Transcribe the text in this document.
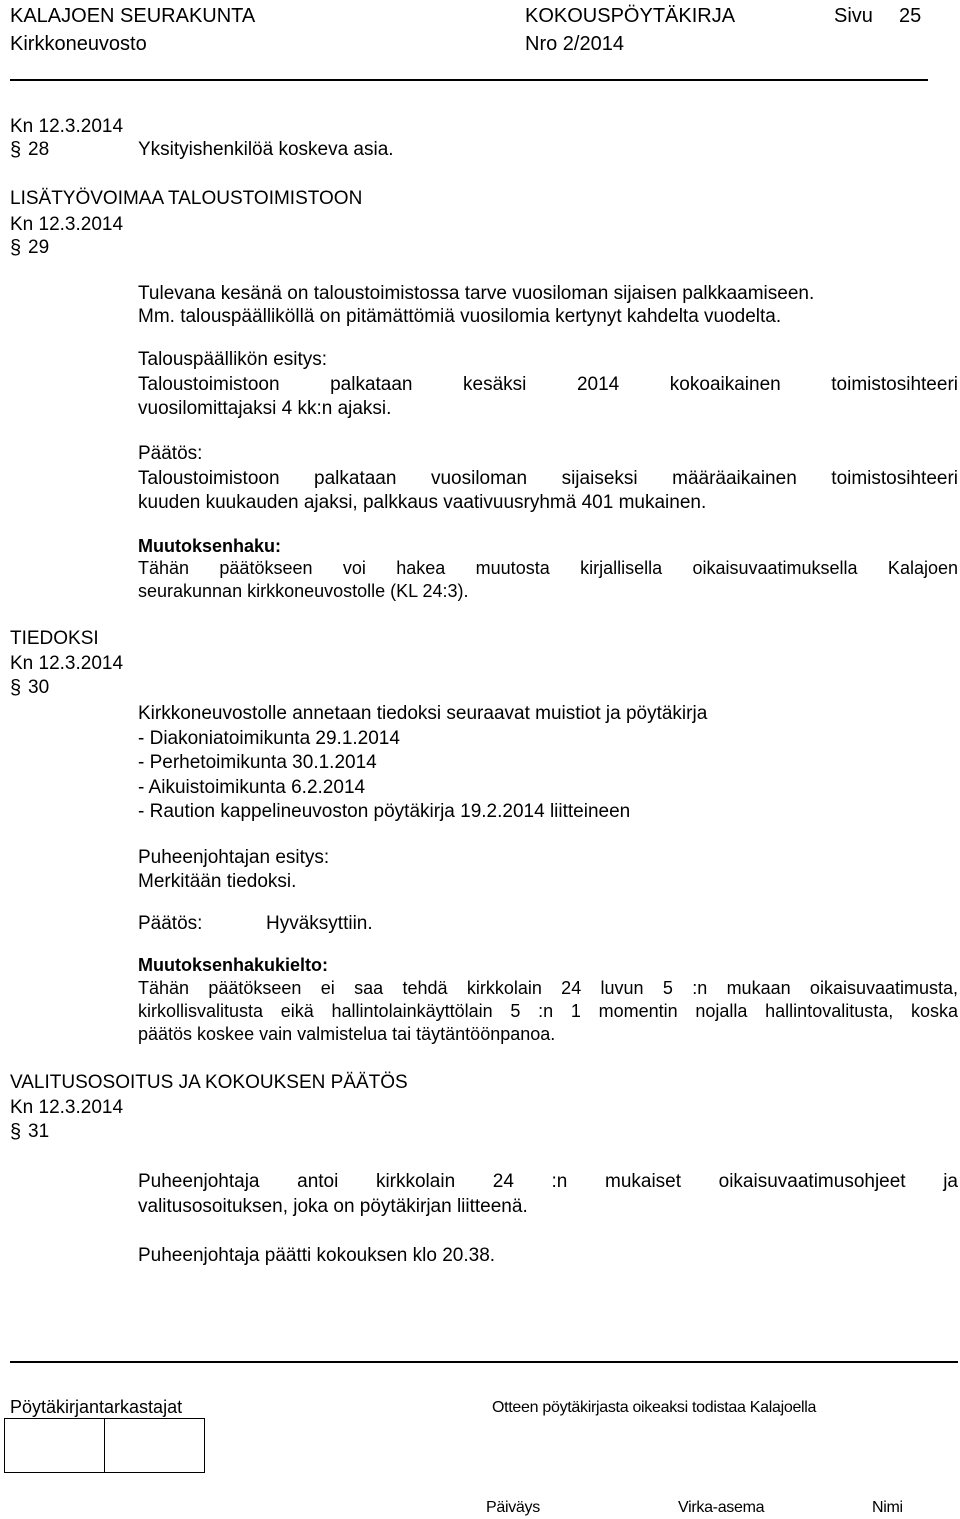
KALAJOEN SEURAKUNTA	KOKOUSPÖYTÄKIRJA	Sivu 25
Kirkkoneuvosto	Nro 2/2014
Kn 12.3.2014
§ 28	Yksityishenkilöä koskeva asia.
LISÄTYÖVOIMAA TALOUSTOIMISTOON
Kn 12.3.2014
§ 29
Tulevana kesänä on taloustoimistossa tarve vuosiloman sijaisen palkkaamiseen.
Mm. talouspäälliköllä on pitämättömiä vuosilomia kertynyt kahdelta vuodelta.
Talouspäällikön esitys:
Taloustoimistoon palkataan kesäksi 2014 kokoaikainen toimistosihteeri
vuosilomittajaksi 4 kk:n ajaksi.
Päätös:
Taloustoimistoon palkataan vuosiloman sijaiseksi määräaikainen toimistosihteeri
kuuden kuukauden ajaksi, palkkaus vaativuusryhmä 401 mukainen.
Muutoksenhaku:
Tähän päätökseen voi hakea muutosta kirjallisella oikaisuvaatimuksella Kalajoen
seurakunnan kirkkoneuvostolle (KL 24:3).
TIEDOKSI
Kn 12.3.2014
§ 30
Kirkkoneuvostolle annetaan tiedoksi seuraavat muistiot ja pöytäkirja
- Diakoniatoimikunta 29.1.2014
- Perhetoimikunta 30.1.2014
- Aikuistoimikunta 6.2.2014
- Raution kappelineuvoston pöytäkirja 19.2.2014 liitteineen
Puheenjohtajan esitys:
Merkitään tiedoksi.
Päätös:	Hyväksyttiin.
Muutoksenhakukielto:
Tähän päätökseen ei saa tehdä kirkkolain 24 luvun 5 :n mukaan oikaisuvaatimusta,
kirkollisvalitusta eikä hallintolainkäyttölain 5 :n 1 momentin nojalla hallintovalitusta, koska
päätös koskee vain valmistelua tai täytäntöönpanoa.
VALITUSOSOITUS JA KOKOUKSEN PÄÄTÖS
Kn 12.3.2014
§ 31
Puheenjohtaja antoi kirkkolain 24 :n mukaiset oikaisuvaatimusohjeet ja
valitusosoituksen, joka on pöytäkirjan liitteenä.
Puheenjohtaja päätti kokouksen klo 20.38.
Pöytäkirjantarkastajat	Otteen pöytäkirjasta oikeaksi todistaa Kalajoella
Päiväys	Virka-asema	Nimi
